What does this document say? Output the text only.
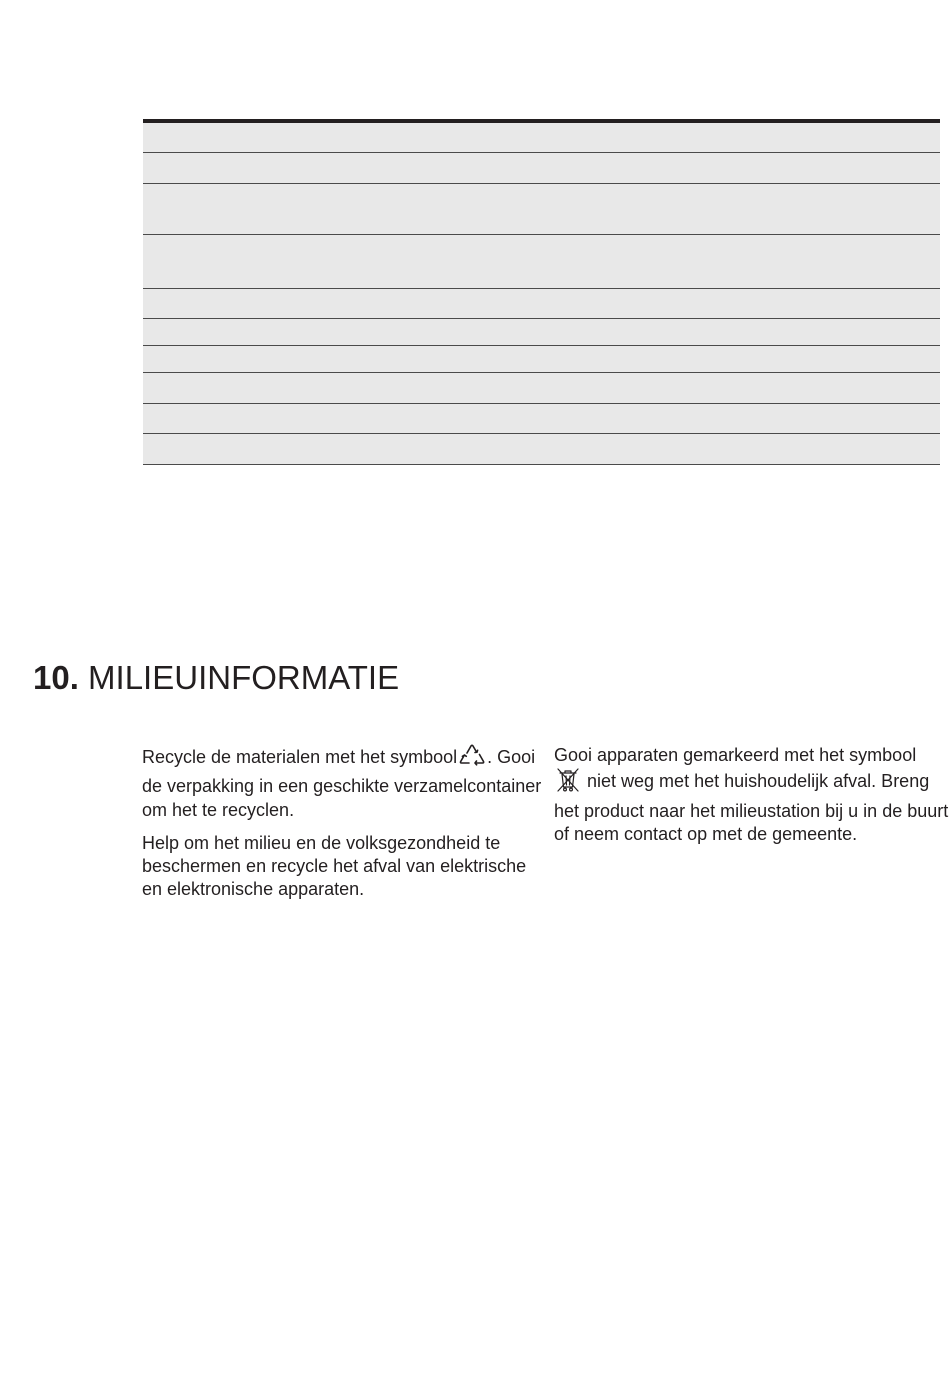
10. MILIEUINFORMATIE

Recycle de materialen met het symbool . Gooi de verpakking in een geschikte verzamelcontainer om het te recyclen.

Help om het milieu en de volksgezondheid te beschermen en recycle het afval van elektrische en elektronische apparaten.

Gooi apparaten gemarkeerd met het symbool  niet weg met het huishoudelijk afval. Breng het product naar het milieustation bij u in de buurt of neem contact op met de gemeente.
